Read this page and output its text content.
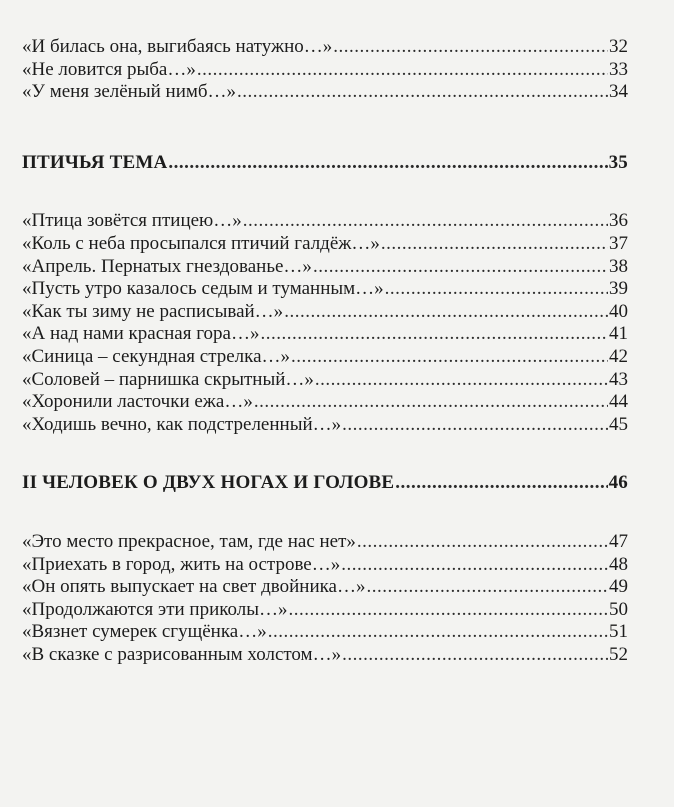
«И билась она, выгибаясь натужно…» .....	32
«Не ловится рыба…» .....	33
«У меня зелёный нимб…» .....	34
ПТИЧЬЯ ТЕМА .....	35
«Птица зовётся птицею…» .....	36
«Коль с неба просыпался птичий галдёж…» .....	37
«Апрель. Пернатых гнездованье…» .....	38
«Пусть утро казалось седым и туманным…» .....	39
«Как ты зиму не расписывай…» .....	40
«А над нами красная гора…» .....	41
«Синица – секундная стрелка…» .....	42
«Соловей – парнишка скрытный…» .....	43
«Хоронили ласточки ежа…» .....	44
«Ходишь вечно, как подстреленный…» .....	45
II ЧЕЛОВЕК О ДВУХ НОГАХ И ГОЛОВЕ .....	46
«Это место прекрасное, там, где нас нет» .....	47
«Приехать в город, жить на острове…» .....	48
«Он опять выпускает на свет двойника…» .....	49
«Продолжаются эти приколы…» .....	50
«Вязнет сумерек сгущёнка…» .....	51
«В сказке с разрисованным холстом…» .....	52
